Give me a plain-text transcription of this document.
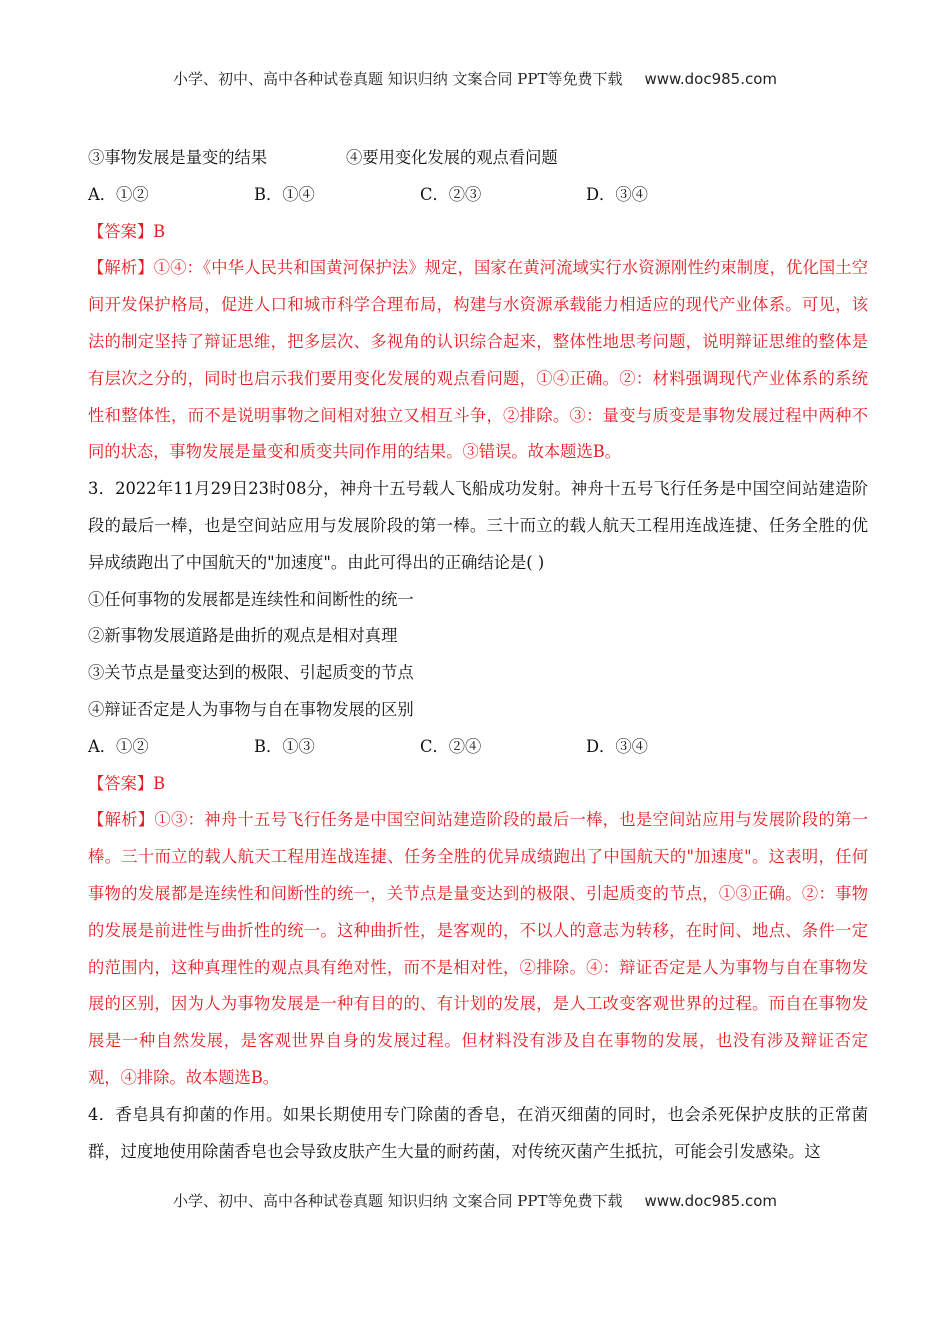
小学、初中、高中各种试卷真题 知识归纳 文案合同 PPT等免费下载 www.doc985.com
③事物发展是量变的结果	④要用变化发展的观点看问题
A．①②	B．①④	C．②③	D．③④
【答案】B
【解析】①④：《中华人民共和国黄河保护法》规定，国家在黄河流域实行水资源刚性约束制度，优化国土空间开发保护格局，促进人口和城市科学合理布局，构建与水资源承载能力相适应的现代产业体系。可见，该法的制定坚持了辩证思维，把多层次、多视角的认识综合起来，整体性地思考问题，说明辩证思维的整体是有层次之分的，同时也启示我们要用变化发展的观点看问题，①④正确。②：材料强调现代产业体系的系统性和整体性，而不是说明事物之间相对独立又相互斗争，②排除。③：量变与质变是事物发展过程中两种不同的状态，事物发展是量变和质变共同作用的结果。③错误。故本题选B。
3．2022年11月29日23时08分，神舟十五号载人飞船成功发射。神舟十五号飞行任务是中国空间站建造阶段的最后一棒，也是空间站应用与发展阶段的第一棒。三十而立的载人航天工程用连战连捷、任务全胜的优异成绩跑出了中国航天的"加速度"。由此可得出的正确结论是( )
①任何事物的发展都是连续性和间断性的统一
②新事物发展道路是曲折的观点是相对真理
③关节点是量变达到的极限、引起质变的节点
④辩证否定是人为事物与自在事物发展的区别
A．①②	B．①③	C．②④	D．③④
【答案】B
【解析】①③：神舟十五号飞行任务是中国空间站建造阶段的最后一棒，也是空间站应用与发展阶段的第一棒。三十而立的载人航天工程用连战连捷、任务全胜的优异成绩跑出了中国航天的"加速度"。这表明，任何事物的发展都是连续性和间断性的统一，关节点是量变达到的极限、引起质变的节点，①③正确。②：事物的发展是前进性与曲折性的统一。这种曲折性，是客观的，不以人的意志为转移，在时间、地点、条件一定的范围内，这种真理性的观点具有绝对性，而不是相对性，②排除。④：辩证否定是人为事物与自在事物发展的区别，因为人为事物发展是一种有目的的、有计划的发展，是人工改变客观世界的过程。而自在事物发展是一种自然发展，是客观世界自身的发展过程。但材料没有涉及自在事物的发展，也没有涉及辩证否定观，④排除。故本题选B。
4．香皂具有抑菌的作用。如果长期使用专门除菌的香皂，在消灭细菌的同时，也会杀死保护皮肤的正常菌群，过度地使用除菌香皂也会导致皮肤产生大量的耐药菌，对传统灭菌产生抵抗，可能会引发感染。这
小学、初中、高中各种试卷真题 知识归纳 文案合同 PPT等免费下载 www.doc985.com
